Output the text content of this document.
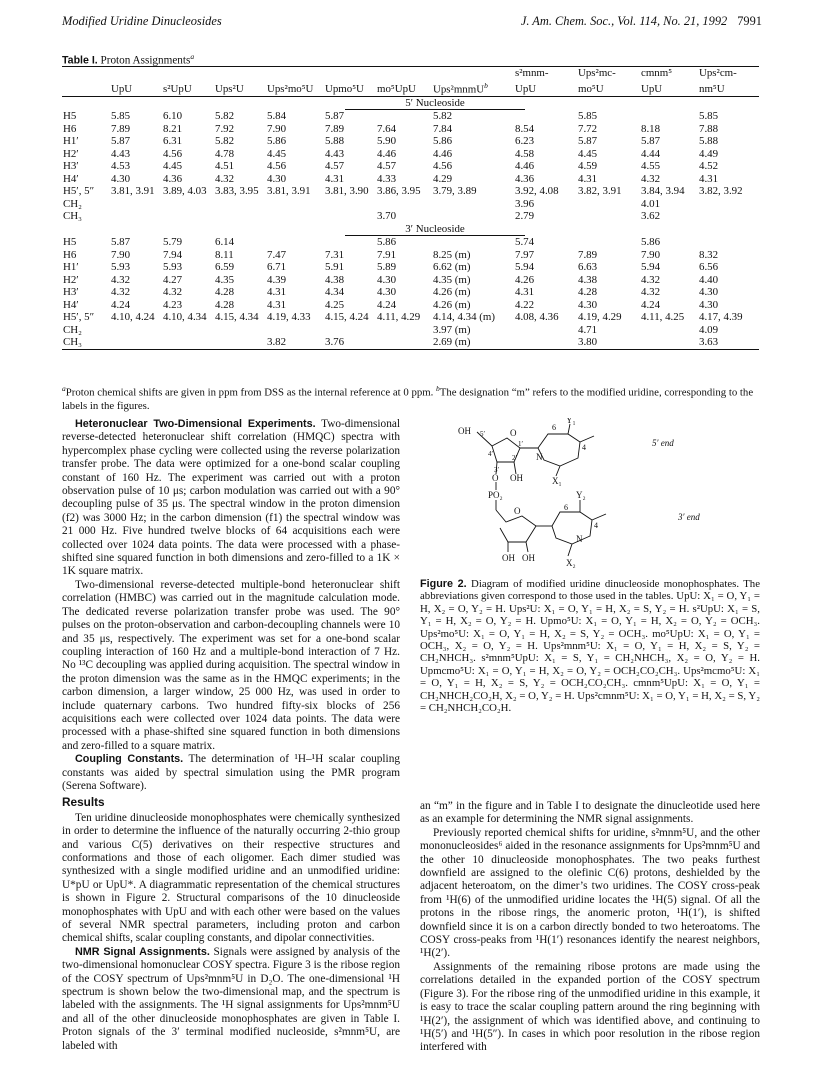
Modified Uridine Dinucleosides	J. Am. Chem. Soc., Vol. 114, No. 21, 1992 7991
Table I. Proton Assignments$^a$
								s²mnm-	Ups²mc-	cmnm⁵	Ups²cm-
	UpU	s²UpU	Ups²U	Ups²mo⁵U	Upmo⁵U	mo⁵UpU	Ups²mnmU$^b$	UpU	mo⁵U	UpU	nm⁵U
	5′ Nucleoside										
H5	5.85	6.10	5.82	5.84	5.87		5.82		5.85		5.85
H6	7.89	8.21	7.92	7.90	7.89	7.64	7.84	8.54	7.72	8.18	7.88
H1′	5.87	6.31	5.82	5.86	5.88	5.90	5.86	6.23	5.87	5.87	5.88
H2′	4.43	4.56	4.78	4.45	4.43	4.46	4.46	4.58	4.45	4.44	4.49
H3′	4.53	4.45	4.51	4.56	4.57	4.57	4.56	4.46	4.59	4.55	4.52
H4′	4.30	4.36	4.32	4.30	4.31	4.33	4.29	4.36	4.31	4.32	4.31
H5′, 5″	3.81, 3.91	3.89, 4.03	3.83, 3.95	3.81, 3.91	3.81, 3.90	3.86, 3.95	3.79, 3.89	3.92, 4.08	3.82, 3.91	3.84, 3.94	3.82, 3.92
CH₂								3.96		4.01	
CH₃						3.70		2.79		3.62	
	3′ Nucleoside										
H5	5.87	5.79	6.14			5.86		5.74		5.86	
H6	7.90	7.94	8.11	7.47	7.31	7.91	8.25 (m)	7.97	7.89	7.90	8.32
H1′	5.93	5.93	6.59	6.71	5.91	5.89	6.62 (m)	5.94	6.63	5.94	6.56
H2′	4.32	4.27	4.35	4.39	4.38	4.30	4.35 (m)	4.26	4.38	4.32	4.40
H3′	4.32	4.32	4.28	4.31	4.34	4.30	4.26 (m)	4.31	4.28	4.32	4.30
H4′	4.24	4.23	4.28	4.31	4.25	4.24	4.26 (m)	4.22	4.30	4.24	4.30
H5′, 5″	4.10, 4.24	4.10, 4.34	4.15, 4.34	4.19, 4.33	4.15, 4.24	4.11, 4.29	4.14, 4.34 (m)	4.08, 4.36	4.19, 4.29	4.11, 4.25	4.17, 4.39
CH₂							3.97 (m)		4.71		4.09
CH₃				3.82	3.76		2.69 (m)		3.80		3.63
$^a$Proton chemical shifts are given in ppm from DSS as the internal reference at 0 ppm. $^b$The designation “m” refers to the modified uridine, corresponding to the labels in the figures.

Heteronuclear Two-Dimensional Experiments. Two-dimensional reverse-detected heteronuclear shift correlation (HMQC) spectra with hypercomplex phase cycling were collected using the reverse polarization transfer probe. The data were optimized for a one-bond scalar coupling constant of 160 Hz. The experiment was carried out with a proton observation pulse of 10 μs; carbon modulation was carried out with a 90° decoupling pulse of 35 μs. The spectral window in the proton dimension (f2) was 3000 Hz; in the carbon dimension (f1) the spectral window was 21 000 Hz. Five hundred twelve blocks of 64 acquisitions each were collected over 1024 data points. The data were processed with a phase-shifted sine squared function in both dimensions and zero-filled to a 1K × 1K square matrix.

Two-dimensional reverse-detected multiple-bond heteronuclear shift correlation (HMBC) was carried out in the magnitude calculation mode. The dedicated reverse polarization transfer probe was used. The 90° pulses on the proton-observation and carbon-decoupling channels were 10 and 35 μs, respectively. The experiment was set for a one-bond scalar coupling interaction of 160 Hz and a multiple-bond interaction of 7 Hz. No ¹³C decoupling was applied during acquisition. The spectral window in the proton dimension was the same as in the HMQC experiments; in the carbon dimension, a larger window, 25 000 Hz, was used in order to include quaternary carbons. Two hundred fifty-six blocks of 256 acquisitions each were collected over 1024 data points. The data were processed with a phase-shifted sine squared function in both dimensions and zero-filled to a square matrix.

Coupling Constants. The determination of ¹H–¹H scalar coupling constants was aided by spectral simulation using the PMR program (Serena Software).

Results

Ten uridine dinucleoside monophosphates were chemically synthesized in order to determine the influence of the naturally occurring 2-thio group and various C(5) derivatives on their respective structures and conformations and those of each oligomer. Each dimer studied was synthesized with a single modified uridine and an unmodified uridine: U*pU or UpU*. A diagrammatic representation of the chemical structures is shown in Figure 2. Structural comparisons of the 10 dinucleoside monophosphates with UpU and with each other were based on the values of several NMR spectral parameters, including proton and carbon chemical shifts, scalar coupling constants, and dipolar connectivities.

NMR Signal Assignments. Signals were assigned by analysis of the two-dimensional homonuclear COSY spectra. Figure 3 is the ribose region of the COSY spectrum of Ups²mnm⁵U in D₂O. The one-dimensional ¹H spectrum is shown below the two-dimensional map, and the spectrum is labeled with the assignments. The ¹H signal assignments for Ups²mnm⁵U and all of the other dinucleoside monophosphates are given in Table I. Proton signals of the 3′ terminal modified nucleoside, s²mnm⁵U, are labeled with

OH 5′	O
4′
3′
2′
1′
O OH
PO₂
Y₁
6
4
N
X₁
5′ end
O
Y₂
6
4
N
OH OH	X₂
3′ end
Figure 2. Diagram of modified uridine dinucleoside monophosphates. The abbreviations given correspond to those used in the tables. UpU: X₁ = O, Y₁ = H, X₂ = O, Y₂ = H. Ups²U: X₁ = O, Y₁ = H, X₂ = S, Y₂ = H. s²UpU: X₁ = S, Y₁ = H, X₂ = O, Y₂ = H. Upmo⁵U: X₁ = O, Y₁ = H, X₂ = O, Y₂ = OCH₃. Ups²mo⁵U: X₁ = O, Y₁ = H, X₂ = S, Y₂ = OCH₃. mo⁵UpU: X₁ = O, Y₁ = OCH₃, X₂ = O, Y₂ = H. Ups²mnm⁵U: X₁ = O, Y₁ = H, X₂ = S, Y₂ = CH₂NHCH₃. s²mnm⁵UpU: X₁ = S, Y₁ = CH₂NHCH₃, X₂ = O, Y₂ = H. Upmcmo⁵U: X₁ = O, Y₁ = H, X₂ = O, Y₂ = OCH₂CO₂CH₃. Ups²mcmo⁵U: X₁ = O, Y₁ = H, X₂ = S, Y₂ = OCH₂CO₂CH₃. cmnm⁵UpU: X₁ = O, Y₁ = CH₂NHCH₂CO₂H, X₂ = O, Y₂ = H. Ups²cmnm⁵U: X₁ = O, Y₁ = H, X₂ = S, Y₂ = CH₂NHCH₂CO₂H.

an “m” in the figure and in Table I to designate the dinucleotide used here as an example for determining the NMR signal assignments.

Previously reported chemical shifts for uridine, s²mnm⁵U, and the other mononucleosides⁶ aided in the resonance assignments for Ups²mnm⁵U and the other 10 dinucleoside monophosphates. The two peaks furthest downfield are assigned to the olefinic C(6) protons, deshielded by the adjacent heteroatom, on the dimer’s two uridines. The COSY cross-peak from ¹H(6) of the unmodified uridine locates the ¹H(5) signal. Of all the protons in the ribose rings, the anomeric proton, ¹H(1′), is shifted downfield since it is on a carbon directly bonded to two heteroatoms. The COSY cross-peaks from ¹H(1′) resonances identify the nearest neighbors, ¹H(2′).

Assignments of the remaining ribose protons are made using the correlations detailed in the expanded portion of the COSY spectrum (Figure 3). For the ribose ring of the unmodified uridine in this example, it is easy to trace the scalar coupling pattern around the ring beginning with ¹H(2′), the assignment of which was identified above, and continuing to ¹H(5′) and ¹H(5″). In cases in which poor resolution in the ribose region interfered with
